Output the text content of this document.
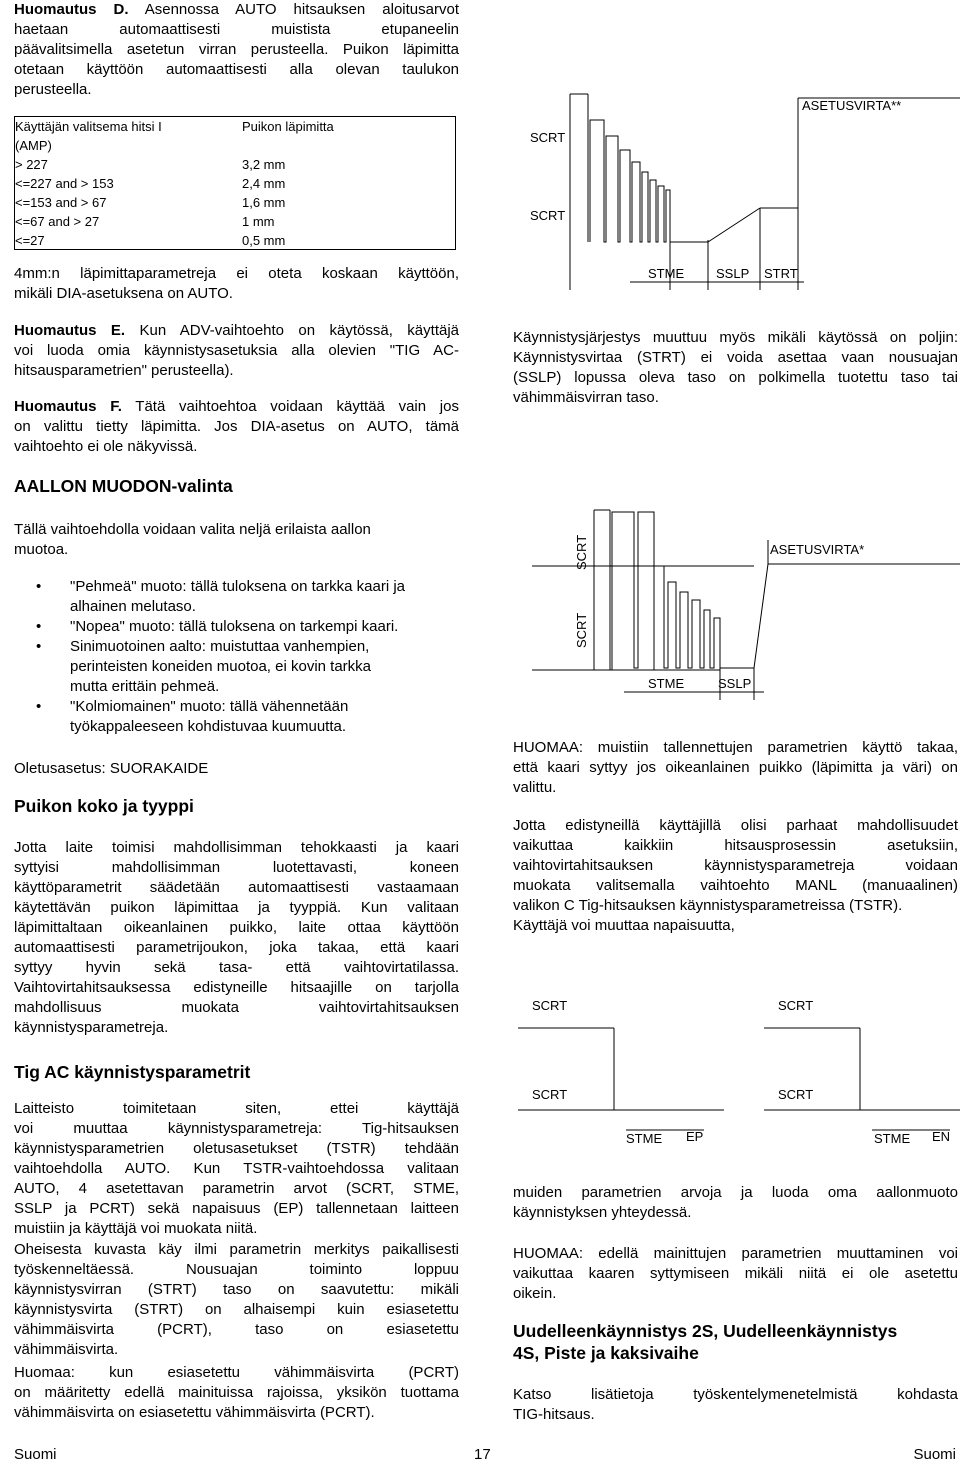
Huomautus D. Asennossa AUTO hitsauksen aloitusarvot
haetaan automaattisesti muistista etupaneelin
päävalitsimella asetetun virran perusteella. Puikon läpimitta
otetaan käyttöön automaattisesti alla olevan taulukon
perusteella.
Käyttäjän valitsema hitsi I
(AMP)
Puikon läpimitta
> 227	3,2 mm
<=227 and > 153	2,4 mm
<=153 and > 67	1,6 mm
<=67 and > 27	1 mm
<=27	0,5 mm
4mm:n läpimittaparametreja ei oteta koskaan käyttöön,
mikäli DIA-asetuksena on AUTO.
Huomautus E. Kun ADV-vaihtoehto on käytössä, käyttäjä
voi luoda omia käynnistysasetuksia alla olevien "TIG AC-
hitsausparametrien" perusteella).
Huomautus F. Tätä vaihtoehtoa voidaan käyttää vain jos
on valittu tietty läpimitta. Jos DIA-asetus on AUTO, tämä
vaihtoehto ei ole näkyvissä.
AALLON MUODON-valinta
Tällä vaihtoehdolla voidaan valita neljä erilaista aallon
muotoa.
• "Pehmeä" muoto: tällä tuloksena on tarkka kaari ja
alhainen melutaso.
• "Nopea" muoto: tällä tuloksena on tarkempi kaari.
• Sinimuotoinen aalto: muistuttaa vanhempien,
perinteisten koneiden muotoa, ei kovin tarkka
mutta erittäin pehmeä.
• "Kolmiomainen" muoto: tällä vähennetään
työkappaleeseen kohdistuvaa kuumuutta.
Oletusasetus: SUORAKAIDE
Puikon koko ja tyyppi
Jotta laite toimisi mahdollisimman tehokkaasti ja kaari
syttyisi mahdollisimman luotettavasti, koneen
käyttöparametrit säädetään automaattisesti vastaamaan
käytettävän puikon läpimittaa ja tyyppiä. Kun valitaan
läpimittaltaan oikeanlainen puikko, laite ottaa käyttöön
automaattisesti parametrijoukon, joka takaa, että kaari
syttyy hyvin sekä tasa- että vaihtovirtatilassa.
Vaihtovirtahitsauksessa edistyneille hitsaajille on tarjolla
mahdollisuus muokata vaihtovirtahitsauksen
käynnistysparametreja.
Tig AC käynnistysparametrit
Laitteisto toimitetaan siten, ettei käyttäjä
voi muuttaa käynnistysparametreja: Tig-hitsauksen
käynnistysparametrien oletusasetukset (TSTR) tehdään
vaihtoehdolla AUTO. Kun TSTR-vaihtoehdossa valitaan
AUTO, 4 asetettavan parametrin arvot (SCRT, STME,
SSLP ja PCRT) sekä napaisuus (EP) tallennetaan laitteen
muistiin ja käyttäjä voi muokata niitä.
Oheisesta kuvasta käy ilmi parametrin merkitys paikallisesti
työskenneltäessä. Nousuajan toiminto loppuu
käynnistysvirran (STRT) taso on saavutettu: mikäli
käynnistysvirta (STRT) on alhaisempi kuin esiasetettu
vähimmäisvirta (PCRT), taso on esiasetettu
vähimmäisvirta.
Huomaa: kun esiasetettu vähimmäisvirta (PCRT)
on määritetty edellä mainituissa rajoissa, yksikön tuottama
vähimmäisvirta on esiasetettu vähimmäisvirta (PCRT).
ASETUSVIRTA**
SCRT
SCRT
STME SSLP STRT
Käynnistysjärjestys muuttuu myös mikäli käytössä on poljin:
Käynnistysvirtaa (STRT) ei voida asettaa vaan nousuajan
(SSLP) lopussa oleva taso on polkimella tuotettu taso tai
vähimmäisvirran taso.
ASETUSVIRTA*
SCRT
SCRT
STME	SSLP
HUOMAA: muistiin tallennettujen parametrien käyttö takaa,
että kaari syttyy jos oikeanlainen puikko (läpimitta ja väri) on
valittu.
Jotta edistyneillä käyttäjillä olisi parhaat mahdollisuudet
vaikuttaa kaikkiin hitsausprosessin asetuksiin,
vaihtovirtahitsauksen käynnistysparametreja voidaan
muokata valitsemalla vaihtoehto MANL (manuaalinen)
valikon C Tig-hitsauksen käynnistysparametreissa (TSTR).
Käyttäjä voi muuttaa napaisuutta,
SCRT
SCRT
STME EP
SCRT
SCRT
STME EN
muiden parametrien arvoja ja luoda oma aallonmuoto
käynnistyksen yhteydessä.
HUOMAA: edellä mainittujen parametrien muuttaminen voi
vaikuttaa kaaren syttymiseen mikäli niitä ei ole asetettu
oikein.
Uudelleenkäynnistys 2S, Uudelleenkäynnistys
4S, Piste ja kaksivaihe
Katso lisätietoja työskentelymenetelmistä kohdasta
TIG-hitsaus.
Suomi	17	Suomi
